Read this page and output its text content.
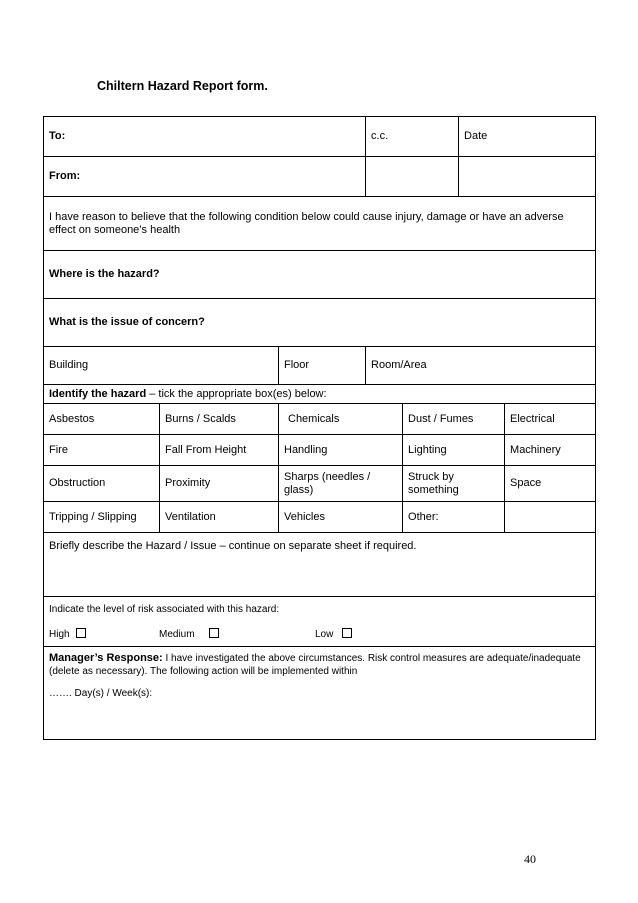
Chiltern Hazard Report form.
To:			c.c.		Date	
From:						
I have reason to believe that the following condition below could cause injury, damage or have an adverse effect on someone’s health						
Where is the hazard?						
What is the issue of concern?						
Building		Floor	Room/Area			
Identify the hazard – tick the appropriate box(es) below:						
Asbestos	Burns / Scalds	Chemicals		Dust / Fumes		Electrical
Fire	Fall From Height	Handling		Lighting		Machinery
Obstruction	Proximity	Sharps (needles / glass)		Struck by something		Space
Tripping / Slipping	Ventilation	Vehicles		Other:		
Briefly describe the Hazard / Issue – continue on separate sheet if required.						

Indicate the level of risk associated with this hazard:
High Medium Low						

Manager’s Response: I have investigated the above circumstances. Risk control measures are adequate/inadequate (delete as necessary). The following action will be implemented within
……. Day(s) / Week(s):						
40
